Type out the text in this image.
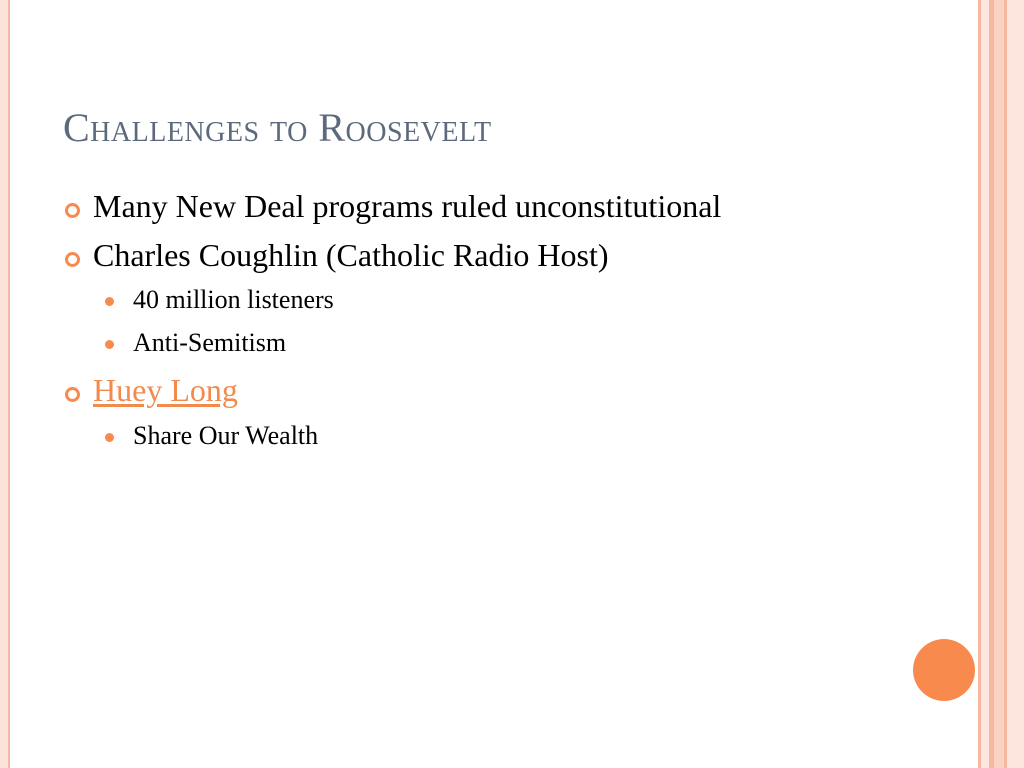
Challenges to Roosevelt
Many New Deal programs ruled unconstitutional
Charles Coughlin (Catholic Radio Host)
40 million listeners
Anti-Semitism
Huey Long
Share Our Wealth
